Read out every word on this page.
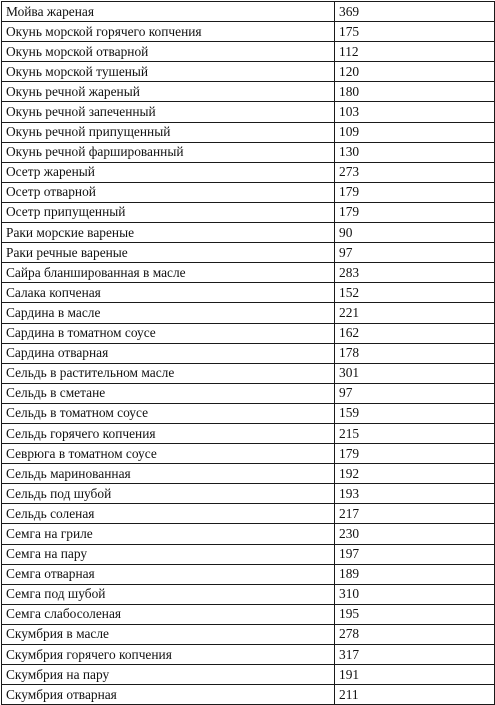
Мойва жареная	369
Окунь морской горячего копчения	175
Окунь морской отварной	112
Окунь морской тушеный	120
Окунь речной жареный	180
Окунь речной запеченный	103
Окунь речной припущенный	109
Окунь речной фаршированный	130
Осетр жареный	273
Осетр отварной	179
Осетр припущенный	179
Раки морские вареные	90
Раки речные вареные	97
Сайра бланшированная в масле	283
Салака копченая	152
Сардина в масле	221
Сардина в томатном соусе	162
Сардина отварная	178
Сельдь в растительном масле	301
Сельдь в сметане	97
Сельдь в томатном соусе	159
Сельдь горячего копчения	215
Севрюга в томатном соусе	179
Сельдь маринованная	192
Сельдь под шубой	193
Сельдь соленая	217
Семга на гриле	230
Семга на пару	197
Семга отварная	189
Семга под шубой	310
Семга слабосоленая	195
Скумбрия в масле	278
Скумбрия горячего копчения	317
Скумбрия на пару	191
Скумбрия отварная	211
